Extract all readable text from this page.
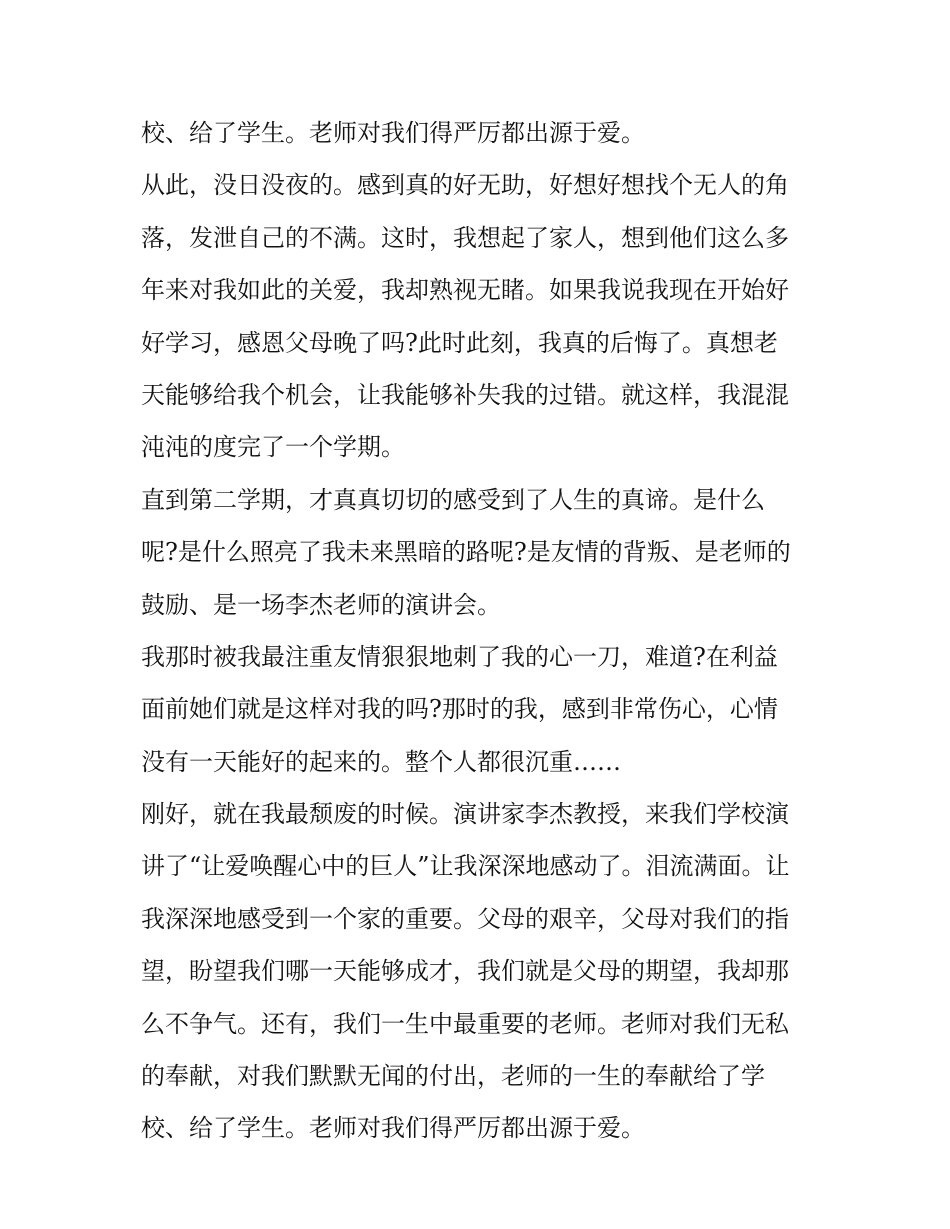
校、给了学生。老师对我们得严厉都出源于爱。
从此，没日没夜的。感到真的好无助，好想好想找个无人的角
落，发泄自己的不满。这时，我想起了家人，想到他们这么多
年来对我如此的关爱，我却熟视无睹。如果我说我现在开始好
好学习，感恩父母晚了吗?此时此刻，我真的后悔了。真想老
天能够给我个机会，让我能够补失我的过错。就这样，我混混
沌沌的度完了一个学期。
直到第二学期，才真真切切的感受到了人生的真谛。是什么
呢?是什么照亮了我未来黑暗的路呢?是友情的背叛、是老师的
鼓励、是一场李杰老师的演讲会。
我那时被我最注重友情狠狠地刺了我的心一刀，难道?在利益
面前她们就是这样对我的吗?那时的我，感到非常伤心，心情
没有一天能好的起来的。整个人都很沉重……
刚好，就在我最颓废的时候。演讲家李杰教授，来我们学校演
讲了“让爱唤醒心中的巨人”让我深深地感动了。泪流满面。让
我深深地感受到一个家的重要。父母的艰辛，父母对我们的指
望，盼望我们哪一天能够成才，我们就是父母的期望，我却那
么不争气。还有，我们一生中最重要的老师。老师对我们无私
的奉献，对我们默默无闻的付出，老师的一生的奉献给了学
校、给了学生。老师对我们得严厉都出源于爱。
